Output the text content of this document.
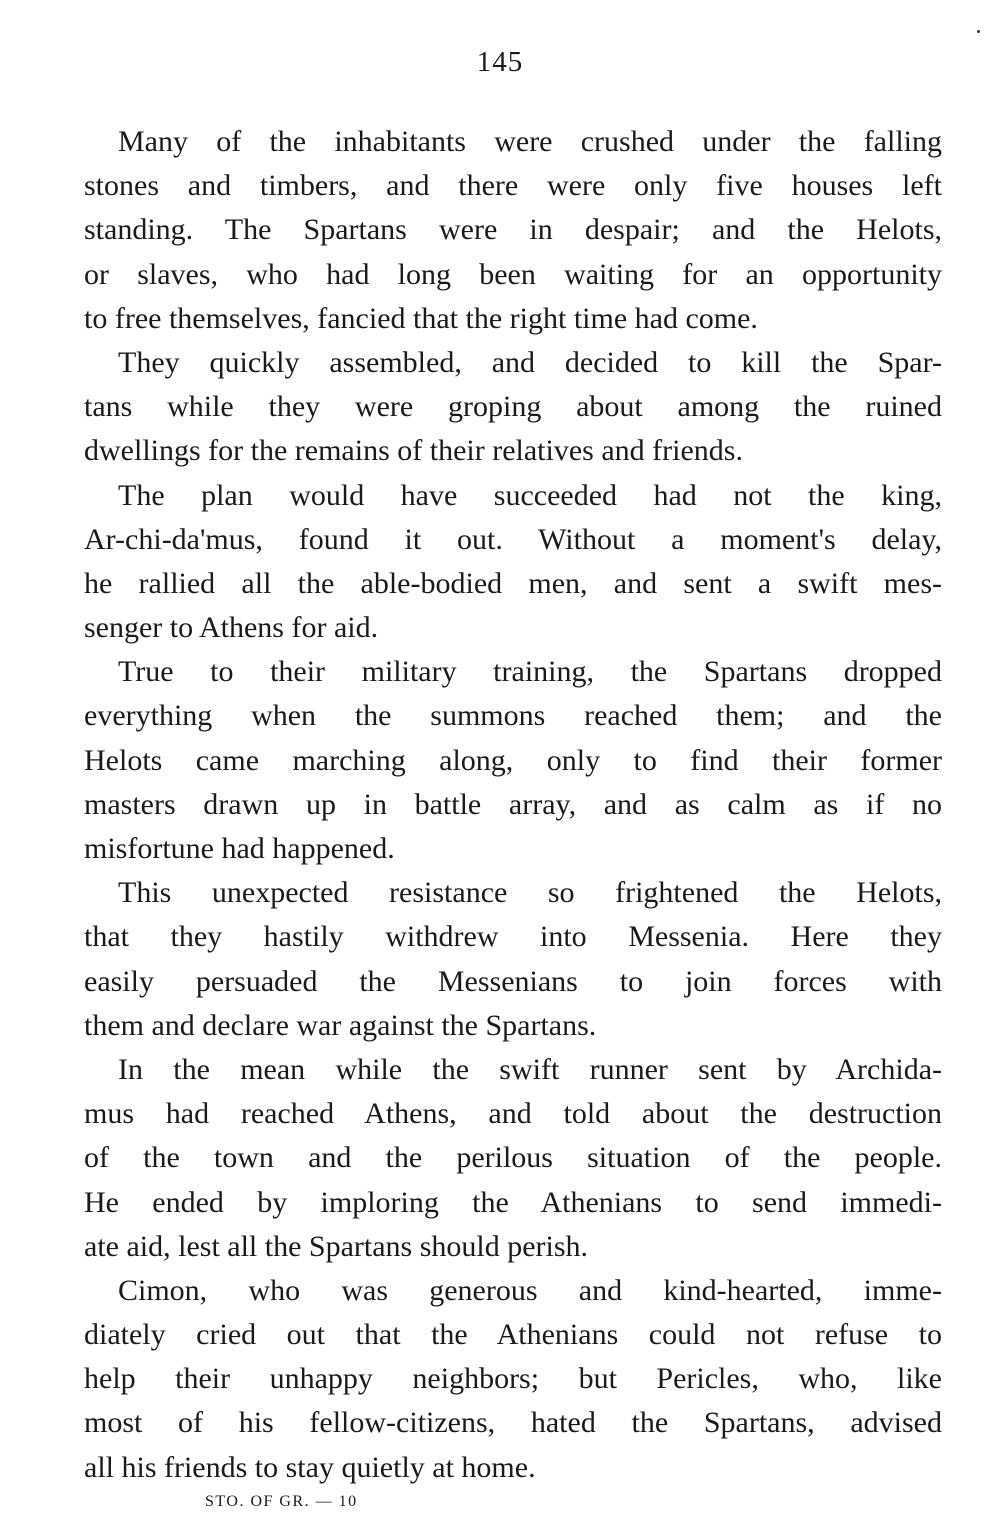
145
Many of the inhabitants were crushed under the falling
stones and timbers, and there were only five houses left
standing. The Spartans were in despair; and the Helots,
or slaves, who had long been waiting for an opportunity
to free themselves, fancied that the right time had come.
They quickly assembled, and decided to kill the Spar-
tans while they were groping about among the ruined
dwellings for the remains of their relatives and friends.
The plan would have succeeded had not the king,
Ar-chi-da'mus, found it out. Without a moment's delay,
he rallied all the able-bodied men, and sent a swift mes-
senger to Athens for aid.
True to their military training, the Spartans dropped
everything when the summons reached them; and the
Helots came marching along, only to find their former
masters drawn up in battle array, and as calm as if no
misfortune had happened.
This unexpected resistance so frightened the Helots,
that they hastily withdrew into Messenia. Here they
easily persuaded the Messenians to join forces with
them and declare war against the Spartans.
In the mean while the swift runner sent by Archida-
mus had reached Athens, and told about the destruction
of the town and the perilous situation of the people.
He ended by imploring the Athenians to send immedi-
ate aid, lest all the Spartans should perish.
Cimon, who was generous and kind-hearted, imme-
diately cried out that the Athenians could not refuse to
help their unhappy neighbors; but Pericles, who, like
most of his fellow-citizens, hated the Spartans, advised
all his friends to stay quietly at home.
STO. OF GR. — 10
